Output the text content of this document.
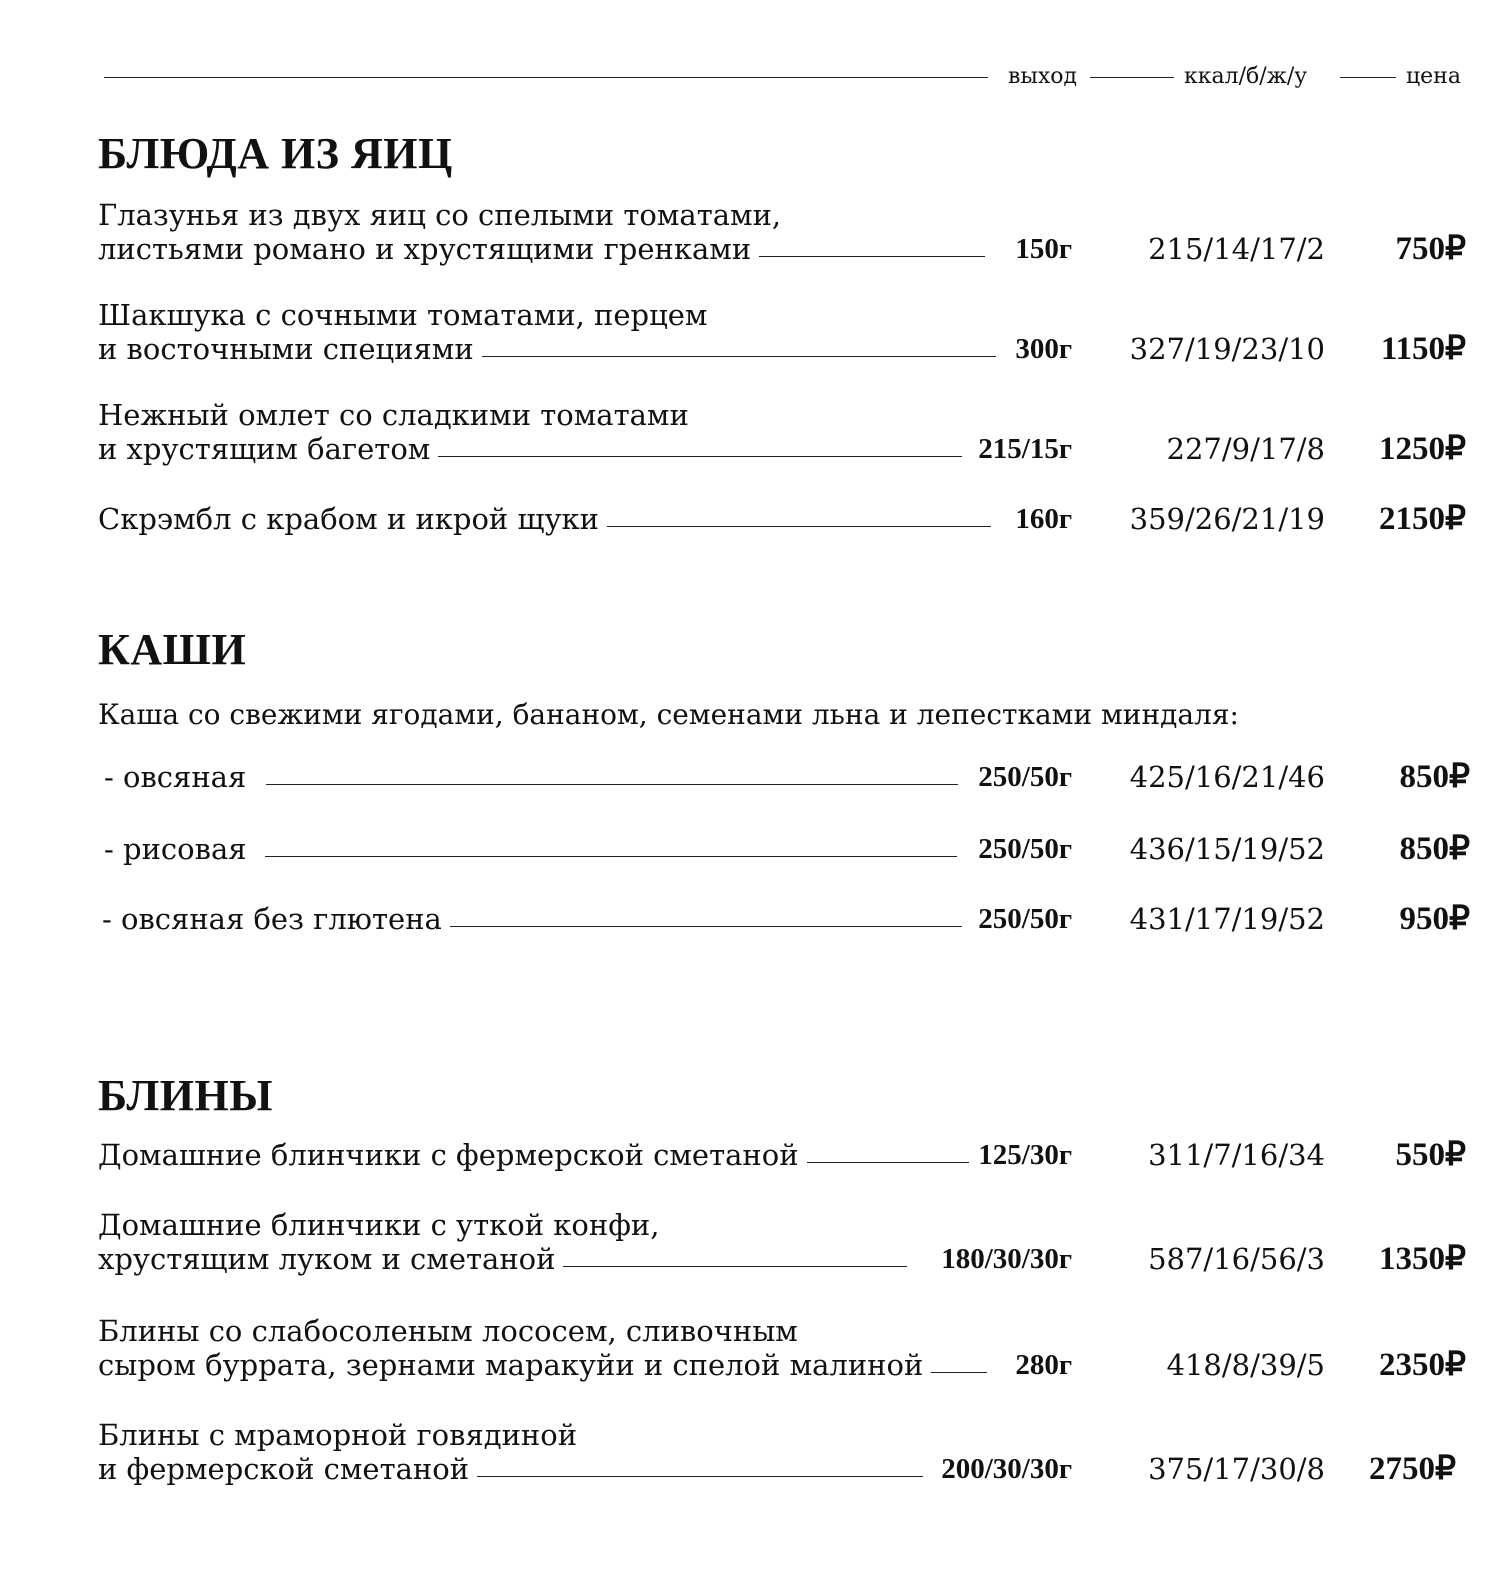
выход	ккал/б/ж/у	цена
БЛЮДА ИЗ ЯИЦ
Глазунья из двух яиц со спелыми томатами,
листьями романо и хрустящими гренками	150г	215/14/17/2 750₽
Шакшука с сочными томатами, перцем
и восточными специями	300г 327/19/23/10 1150₽
Нежный омлет со сладкими томатами
и хрустящим багетом	215/15г	227/9/17/8 1250₽
Скрэмбл с крабом и икрой щуки	160г 359/26/21/19 2150₽
КАШИ

Каша со свежими ягодами, бананом, семенами льна и лепестками миндаля:

- овсяная	250/50г 425/16/21/46 850₽
- рисовая	250/50г 436/15/19/52 850₽
- овсяная без глютена	250/50г 431/17/19/52 950₽
БЛИНЫ
Домашние блинчики с фермерской сметаной	125/30г	311/7/16/34 550₽
Домашние блинчики с уткой конфи,
хрустящим луком и сметаной	180/30/30г	587/16/56/3 1350₽
Блины со слабосоленым лососем, сливочным
сыром буррата, зернами маракуйи и спелой малиной	280г	418/8/39/5 2350₽
Блины с мраморной говядиной
и фермерской сметаной	200/30/30г	375/17/30/8 2750₽
